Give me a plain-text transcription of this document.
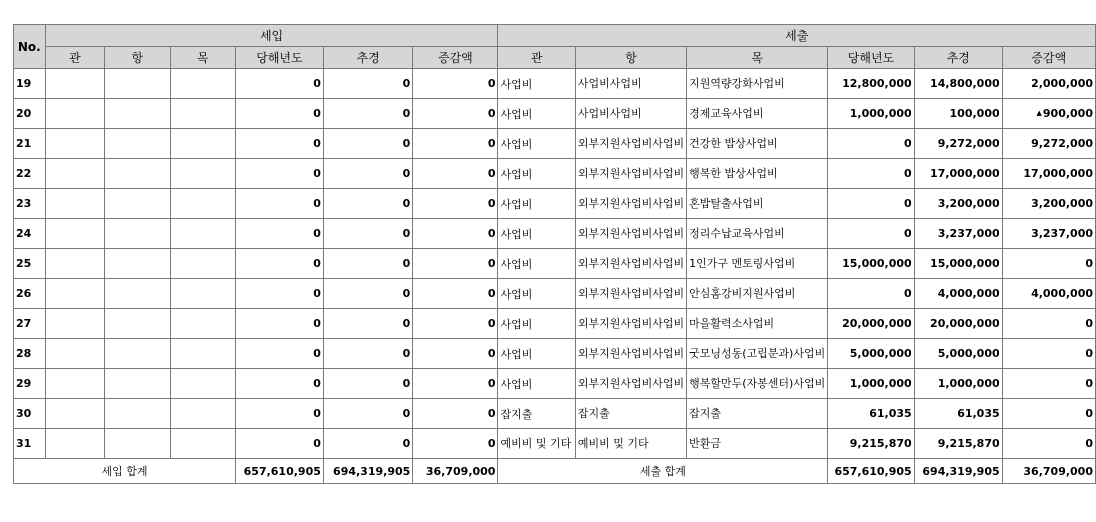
No.	세입						세출					
	관	항	목	당해년도	추경	증감액	관	항	목	당해년도	추경	증감액
19				0	0	0	사업비	사업비사업비	지원역량강화사업비	12,800,000	14,800,000	2,000,000
20				0	0	0	사업비	사업비사업비	경제교육사업비	1,000,000	100,000	▲900,000
21				0	0	0	사업비	외부지원사업비사업비	건강한 밥상사업비	0	9,272,000	9,272,000
22				0	0	0	사업비	외부지원사업비사업비	행복한 밥상사업비	0	17,000,000	17,000,000
23				0	0	0	사업비	외부지원사업비사업비	혼밥탈출사업비	0	3,200,000	3,200,000
24				0	0	0	사업비	외부지원사업비사업비	정리수납교육사업비	0	3,237,000	3,237,000
25				0	0	0	사업비	외부지원사업비사업비	1인가구 멘토링사업비	15,000,000	15,000,000	0
26				0	0	0	사업비	외부지원사업비사업비	안심홈강비지원사업비	0	4,000,000	4,000,000
27				0	0	0	사업비	외부지원사업비사업비	마을활력소사업비	20,000,000	20,000,000	0
28				0	0	0	사업비	외부지원사업비사업비	굿모닝성동(고립분과)사업비	5,000,000	5,000,000	0
29				0	0	0	사업비	외부지원사업비사업비	행복할만두(자봉센터)사업비	1,000,000	1,000,000	0
30				0	0	0	잡지출	잡지출	잡지출	61,035	61,035	0
31				0	0	0	예비비 및 기타	예비비 및 기타	반환금	9,215,870	9,215,870	0
세입 합계				657,610,905	694,319,905	36,709,000	세출 합계			657,610,905	694,319,905	36,709,000
